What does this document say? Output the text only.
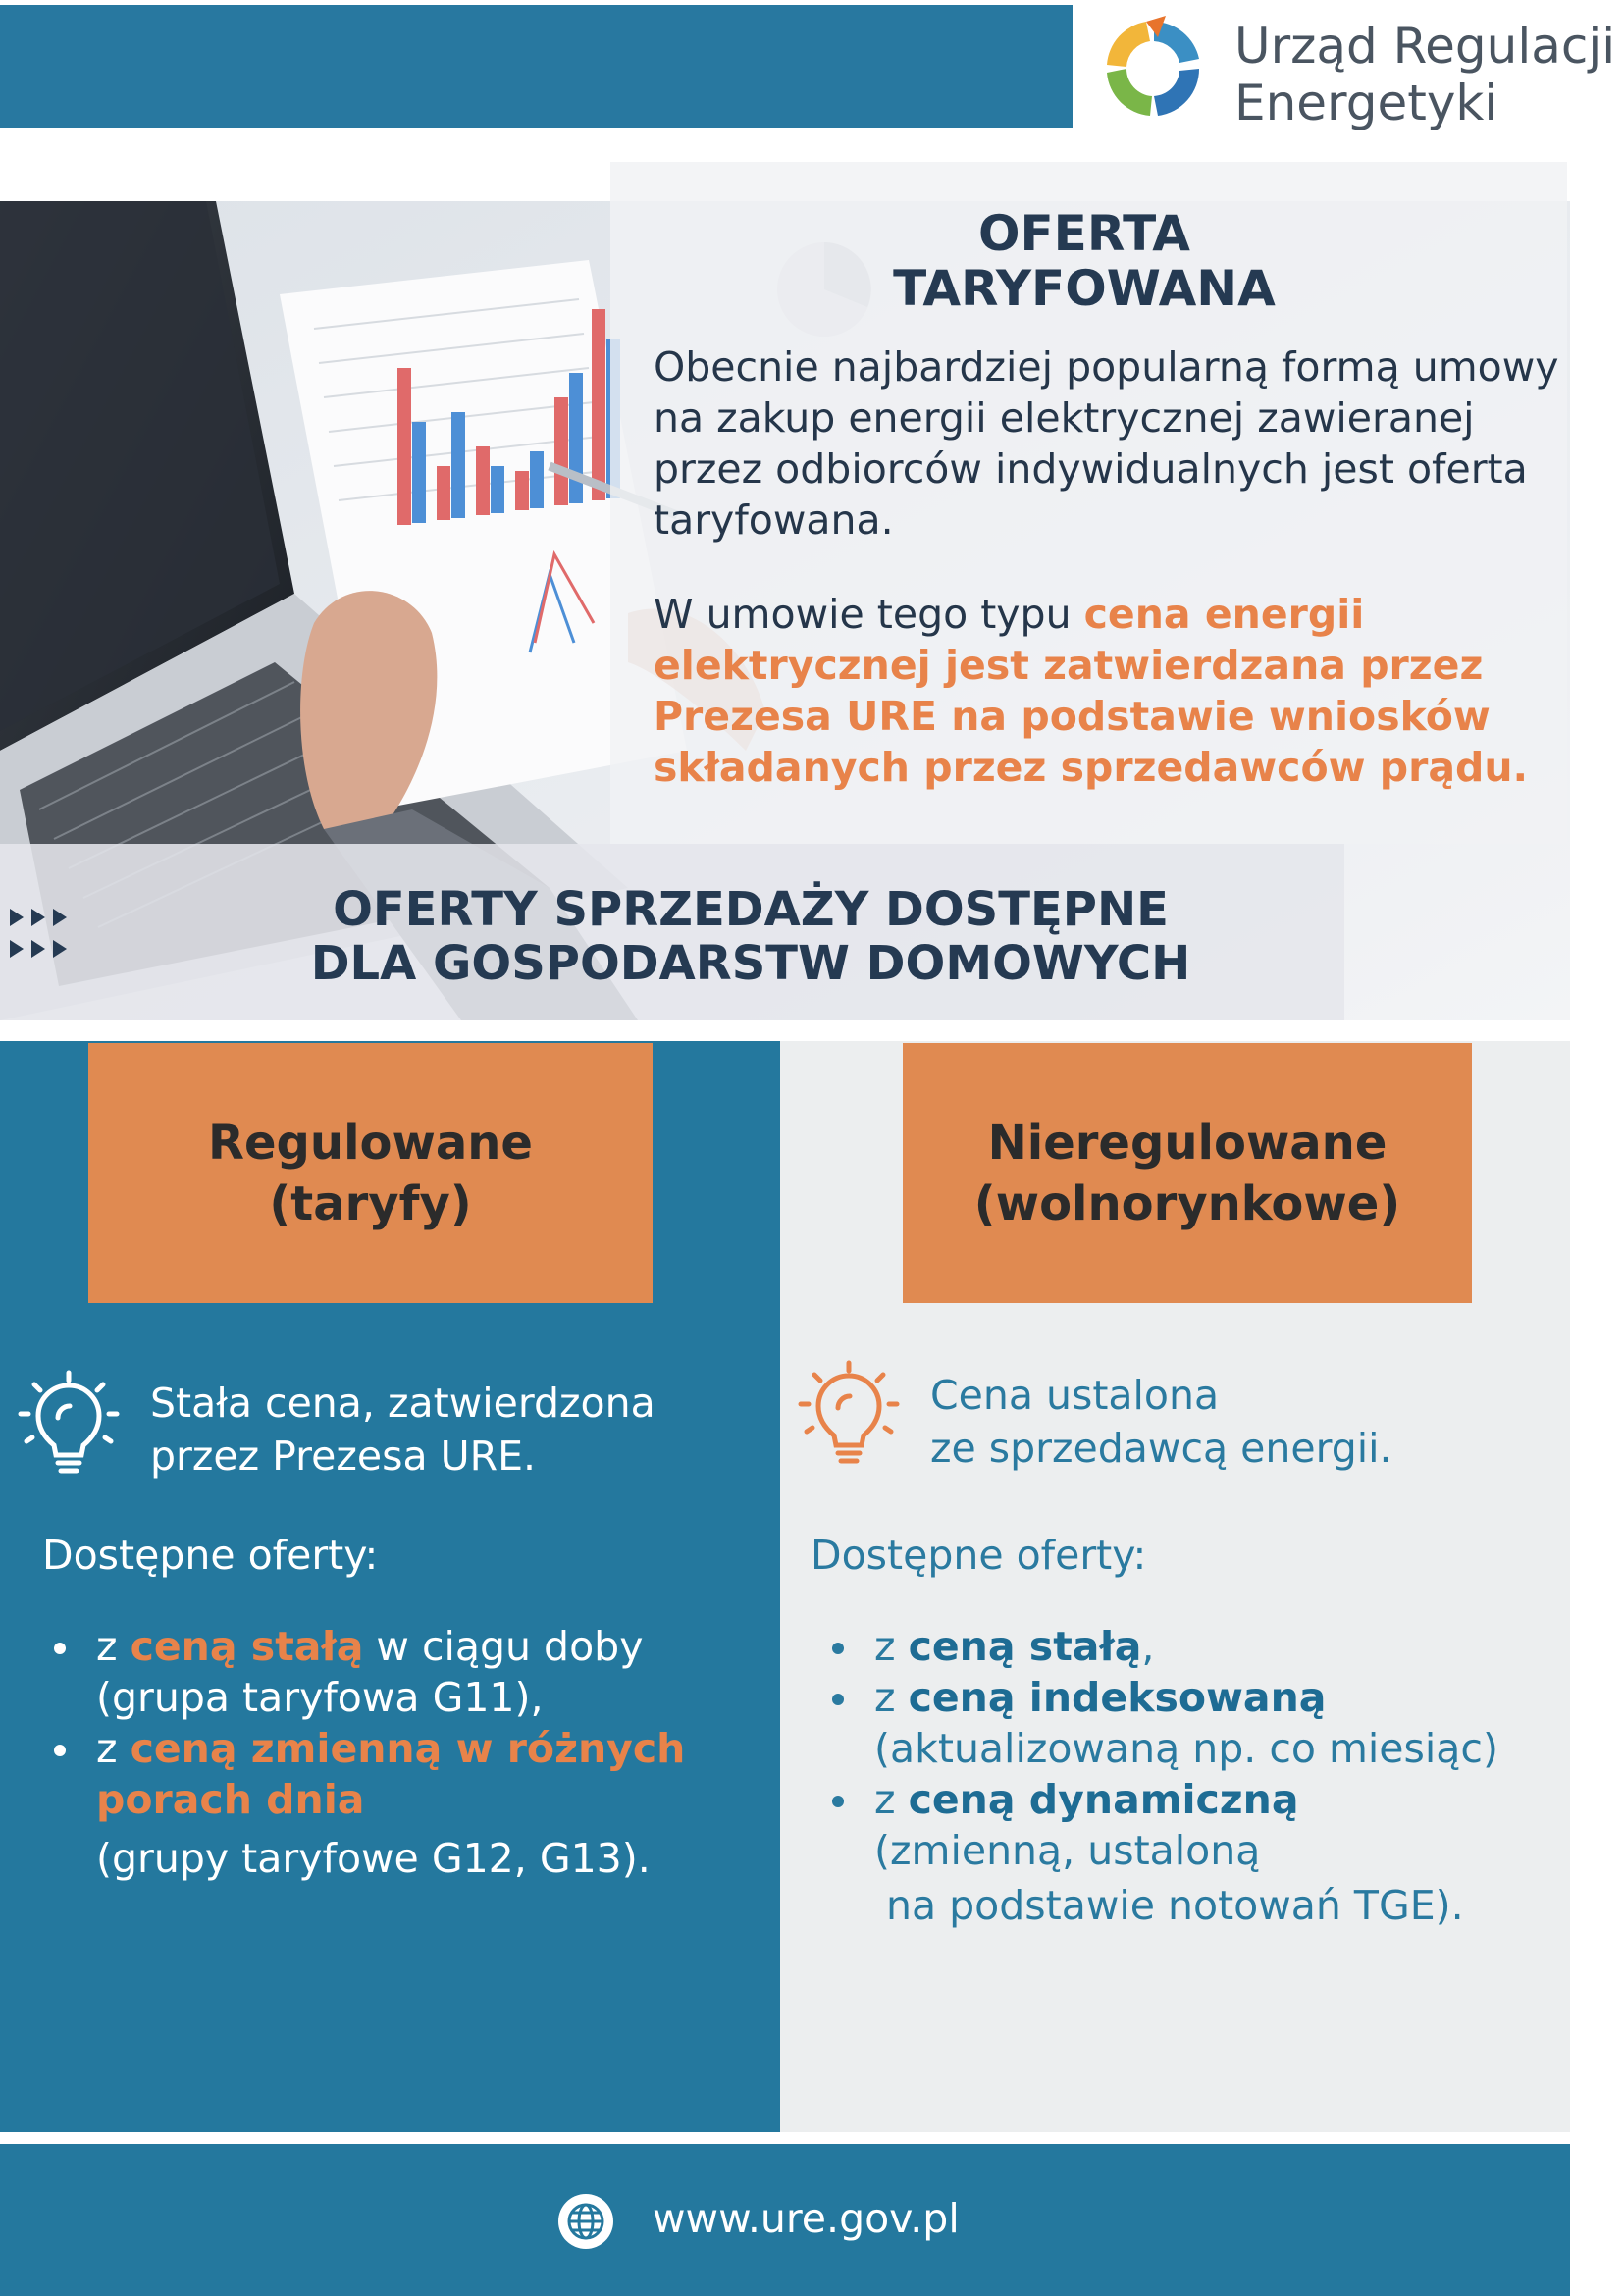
Urząd Regulacji
Energetyki
OFERTA
TARYFOWANA

Obecnie najbardziej popularną formą umowy na zakup energii elektrycznej zawieranej przez odbiorców indywidualnych jest oferta taryfowana.

W umowie tego typu cena energii elektrycznej jest zatwierdzana przez Prezesa URE na podstawie wniosków składanych przez sprzedawców prądu.

OFERTY SPRZEDAŻY DOSTĘPNE
DLA GOSPODARSTW DOMOWYCH
Regulowane
(taryfy)
Nieregulowane
(wolnorynkowe)

Stała cena, zatwierdzona przez Prezesa URE.

Cena ustalona
ze sprzedawcą energii.

Dostępne oferty:	Dostępne oferty:

z ceną stałą w ciągu doby
(grupa taryfowa G11),
z ceną zmienną w różnych porach dnia
(grupy taryfowe G12, G13).
z ceną stałą,
z ceną indeksowaną
(aktualizowaną np. co miesiąc)
z ceną dynamiczną
(zmienną, ustaloną
na podstawie notowań TGE).
www.ure.gov.pl
